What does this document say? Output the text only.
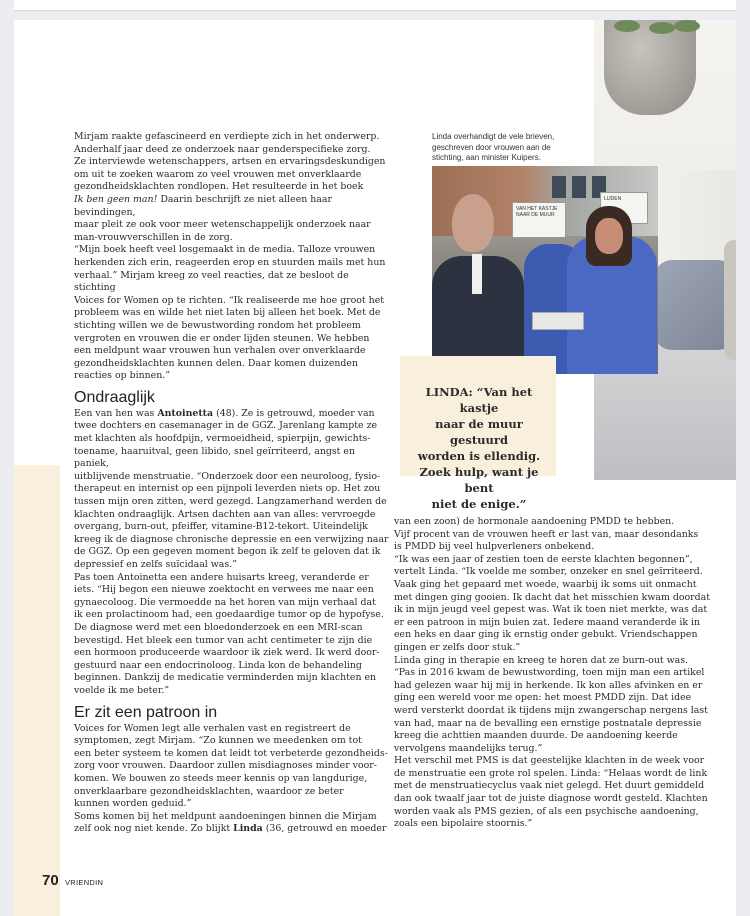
Linda overhandigt de vele brieven,
geschreven door vrouwen aan de
stichting, aan minister Kuipers.
VAN HET KASTJE
NAAR DE MUUR
LIJDEN
LINDA: “Van het kastje
naar de muur gestuurd
worden is ellendig.
Zoek hulp, want je bent
niet de enige.”

Mirjam raakte gefascineerd en verdiepte zich in het onderwerp.
Anderhalf jaar deed ze onderzoek naar genderspecifieke zorg.
Ze interviewde wetenschappers, artsen en ervaringsdeskundigen
om uit te zoeken waarom zo veel vrouwen met onverklaarde
gezondheidsklachten rondlopen. Het resulteerde in het boek
Ik ben geen man! Daarin beschrijft ze niet alleen haar bevindingen,
maar pleit ze ook voor meer wetenschappelijk onderzoek naar
man-vrouwverschillen in de zorg.

“Mijn boek heeft veel losgemaakt in de media. Talloze vrouwen
herkenden zich erin, reageerden erop en stuurden mails met hun
verhaal.” Mirjam kreeg zo veel reacties, dat ze besloot de stichting
Voices for Women op te richten. “Ik realiseerde me hoe groot het
probleem was en wilde het niet laten bij alleen het boek. Met de
stichting willen we de bewustwording rondom het probleem
vergroten en vrouwen die er onder lijden steunen. We hebben
een meldpunt waar vrouwen hun verhalen over onverklaarde
gezondheidsklachten kunnen delen. Daar komen duizenden
reacties op binnen.”

Ondraaglijk

Een van hen was Antoinetta (48). Ze is getrouwd, moeder van
twee dochters en casemanager in de GGZ. Jarenlang kampte ze
met klachten als hoofdpijn, vermoeidheid, spierpijn, gewichts-
toename, haaruitval, geen libido, snel geïrriteerd, angst en paniek,
uitblijvende menstruatie. “Onderzoek door een neuroloog, fysio-
therapeut en internist op een pijnpoli leverden niets op. Het zou
tussen mijn oren zitten, werd gezegd. Langzamerhand werden de
klachten ondraaglijk. Artsen dachten aan van alles: vervroegde
overgang, burn-out, pfeiffer, vitamine-B12-tekort. Uiteindelijk
kreeg ik de diagnose chronische depressie en een verwijzing naar
de GGZ. Op een gegeven moment begon ik zelf te geloven dat ik
depressief en zelfs suïcidaal was.”

Pas toen Antoinetta een andere huisarts kreeg, veranderde er
iets. “Hij begon een nieuwe zoektocht en verwees me naar een
gynaecoloog. Die vermoedde na het horen van mijn verhaal dat
ik een prolactinoom had, een goedaardige tumor op de hypofyse.
De diagnose werd met een bloedonderzoek en een MRI-scan
bevestigd. Het bleek een tumor van acht centimeter te zijn die
een hormoon produceerde waardoor ik ziek werd. Ik werd door-
gestuurd naar een endocrinoloog. Linda kon de behandeling
beginnen. Dankzij de medicatie verminderden mijn klachten en
voelde ik me beter.”

Er zit een patroon in

Voices for Women legt alle verhalen vast en registreert de
symptomen, zegt Mirjam. “Zo kunnen we meedenken om tot
een beter systeem te komen dat leidt tot verbeterde gezondheids-
zorg voor vrouwen. Daardoor zullen misdiagnoses minder voor-
komen. We bouwen zo steeds meer kennis op van langdurige,
onverklaarbare gezondheidsklachten, waardoor ze beter
kunnen worden geduid.”

Soms komen bij het meldpunt aandoeningen binnen die Mirjam
zelf ook nog niet kende. Zo blijkt Linda (36, getrouwd en moeder

van een zoon) de hormonale aandoening PMDD te hebben.
Vijf procent van de vrouwen heeft er last van, maar desondanks
is PMDD bij veel hulpverleners onbekend.

“Ik was een jaar of zestien toen de eerste klachten begonnen”,
vertelt Linda. “Ik voelde me somber, onzeker en snel geïrriteerd.
Vaak ging het gepaard met woede, waarbij ik soms uit onmacht
met dingen ging gooien. Ik dacht dat het misschien kwam doordat
ik in mijn jeugd veel gepest was. Wat ik toen niet merkte, was dat
er een patroon in mijn buien zat. Iedere maand veranderde ik in
een heks en daar ging ik ernstig onder gebukt. Vriendschappen
gingen er zelfs door stuk.”

Linda ging in therapie en kreeg te horen dat ze burn-out was.
“Pas in 2016 kwam de bewustwording, toen mijn man een artikel
had gelezen waar hij mij in herkende. Ik kon alles afvinken en er
ging een wereld voor me open: het moest PMDD zijn. Dat idee
werd versterkt doordat ik tijdens mijn zwangerschap nergens last
van had, maar na de bevalling een ernstige postnatale depressie
kreeg die achttien maanden duurde. De aandoening keerde
vervolgens maandelijks terug.”

Het verschil met PMS is dat geestelijke klachten in de week voor
de menstruatie een grote rol spelen. Linda: “Helaas wordt de link
met de menstruatiecyclus vaak niet gelegd. Het duurt gemiddeld
dan ook twaalf jaar tot de juiste diagnose wordt gesteld. Klachten
worden vaak als PMS gezien, of als een psychische aandoening,
zoals een bipolaire stoornis.”

70 VRIENDIN
